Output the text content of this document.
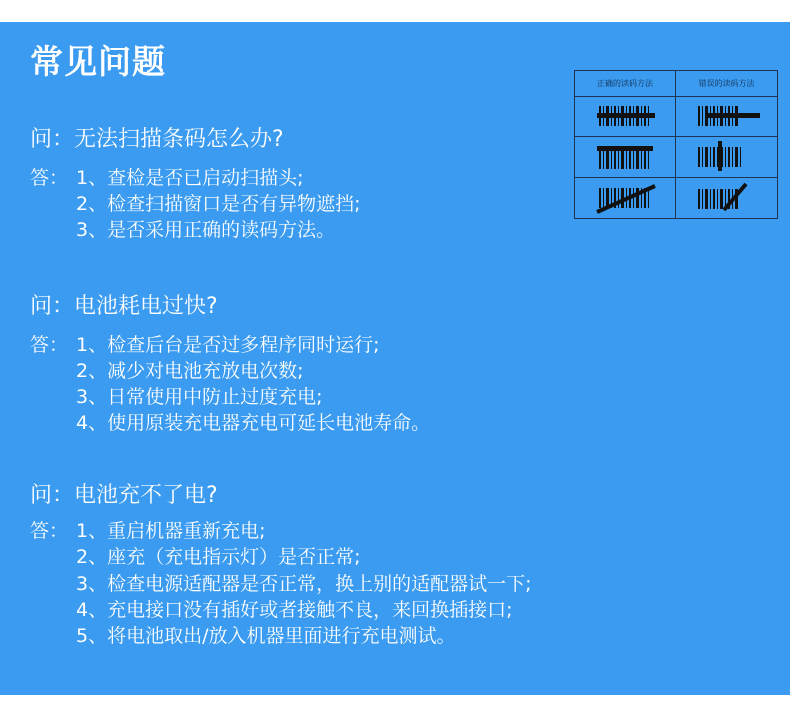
常见问题
问：无法扫描条码怎么办?
答： 1、查检是否已启动扫描头;
2、检查扫描窗口是否有异物遮挡;
3、是否采用正确的读码方法。
问：电池耗电过快?
答： 1、检查后台是否过多程序同时运行;
2、减少对电池充放电次数;
3、日常使用中防止过度充电;
4、使用原装充电器充电可延长电池寿命。
问：电池充不了电?
答： 1、重启机器重新充电;
2、座充（充电指示灯）是否正常;
3、检查电源适配器是否正常，换上别的适配器试一下;
4、充电接口没有插好或者接触不良，来回换插接口;
5、将电池取出/放入机器里面进行充电测试。
正确的读码方法	错误的读码方法
